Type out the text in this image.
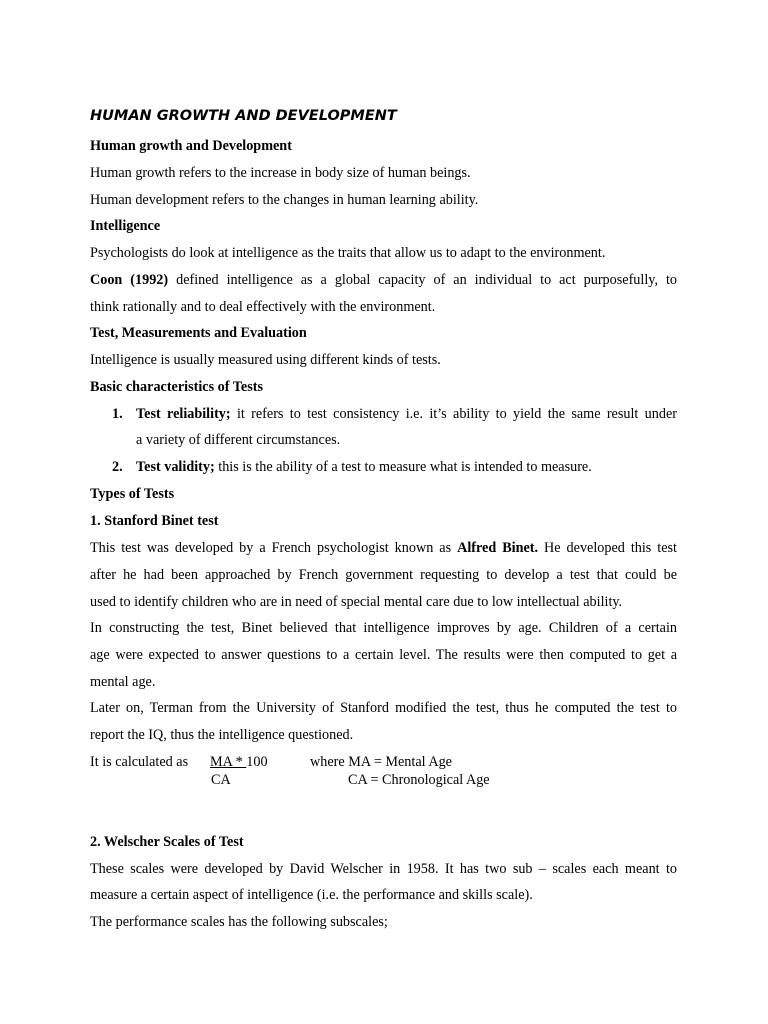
HUMAN GROWTH AND DEVELOPMENT
Human growth and Development
Human growth refers to the increase in body size of human beings.
Human development refers to the changes in human learning ability.
Intelligence
Psychologists do look at intelligence as the traits that allow us to adapt to the environment.
Coon (1992) defined intelligence as a global capacity of an individual to act purposefully, to
think rationally and to deal effectively with the environment.
Test, Measurements and Evaluation
Intelligence is usually measured using different kinds of tests.
Basic characteristics of Tests
1. Test reliability; it refers to test consistency i.e. it’s ability to yield the same result under
a variety of different circumstances.
2. Test validity; this is the ability of a test to measure what is intended to measure.
Types of Tests
1. Stanford Binet test
This test was developed by a French psychologist known as Alfred Binet. He developed this test
after he had been approached by French government requesting to develop a test that could be
used to identify children who are in need of special mental care due to low intellectual ability.
In constructing the test, Binet believed that intelligence improves by age. Children of a certain
age were expected to answer questions to a certain level. The results were then computed to get a
mental age.
Later on, Terman from the University of Stanford modified the test, thus he computed the test to
report the IQ, thus the intelligence questioned.
It is calculated as MA * 100
CA
where MA = Mental Age
CA = Chronological Age
2. Welscher Scales of Test
These scales were developed by David Welscher in 1958. It has two sub – scales each meant to
measure a certain aspect of intelligence (i.e. the performance and skills scale).
The performance scales has the following subscales;
